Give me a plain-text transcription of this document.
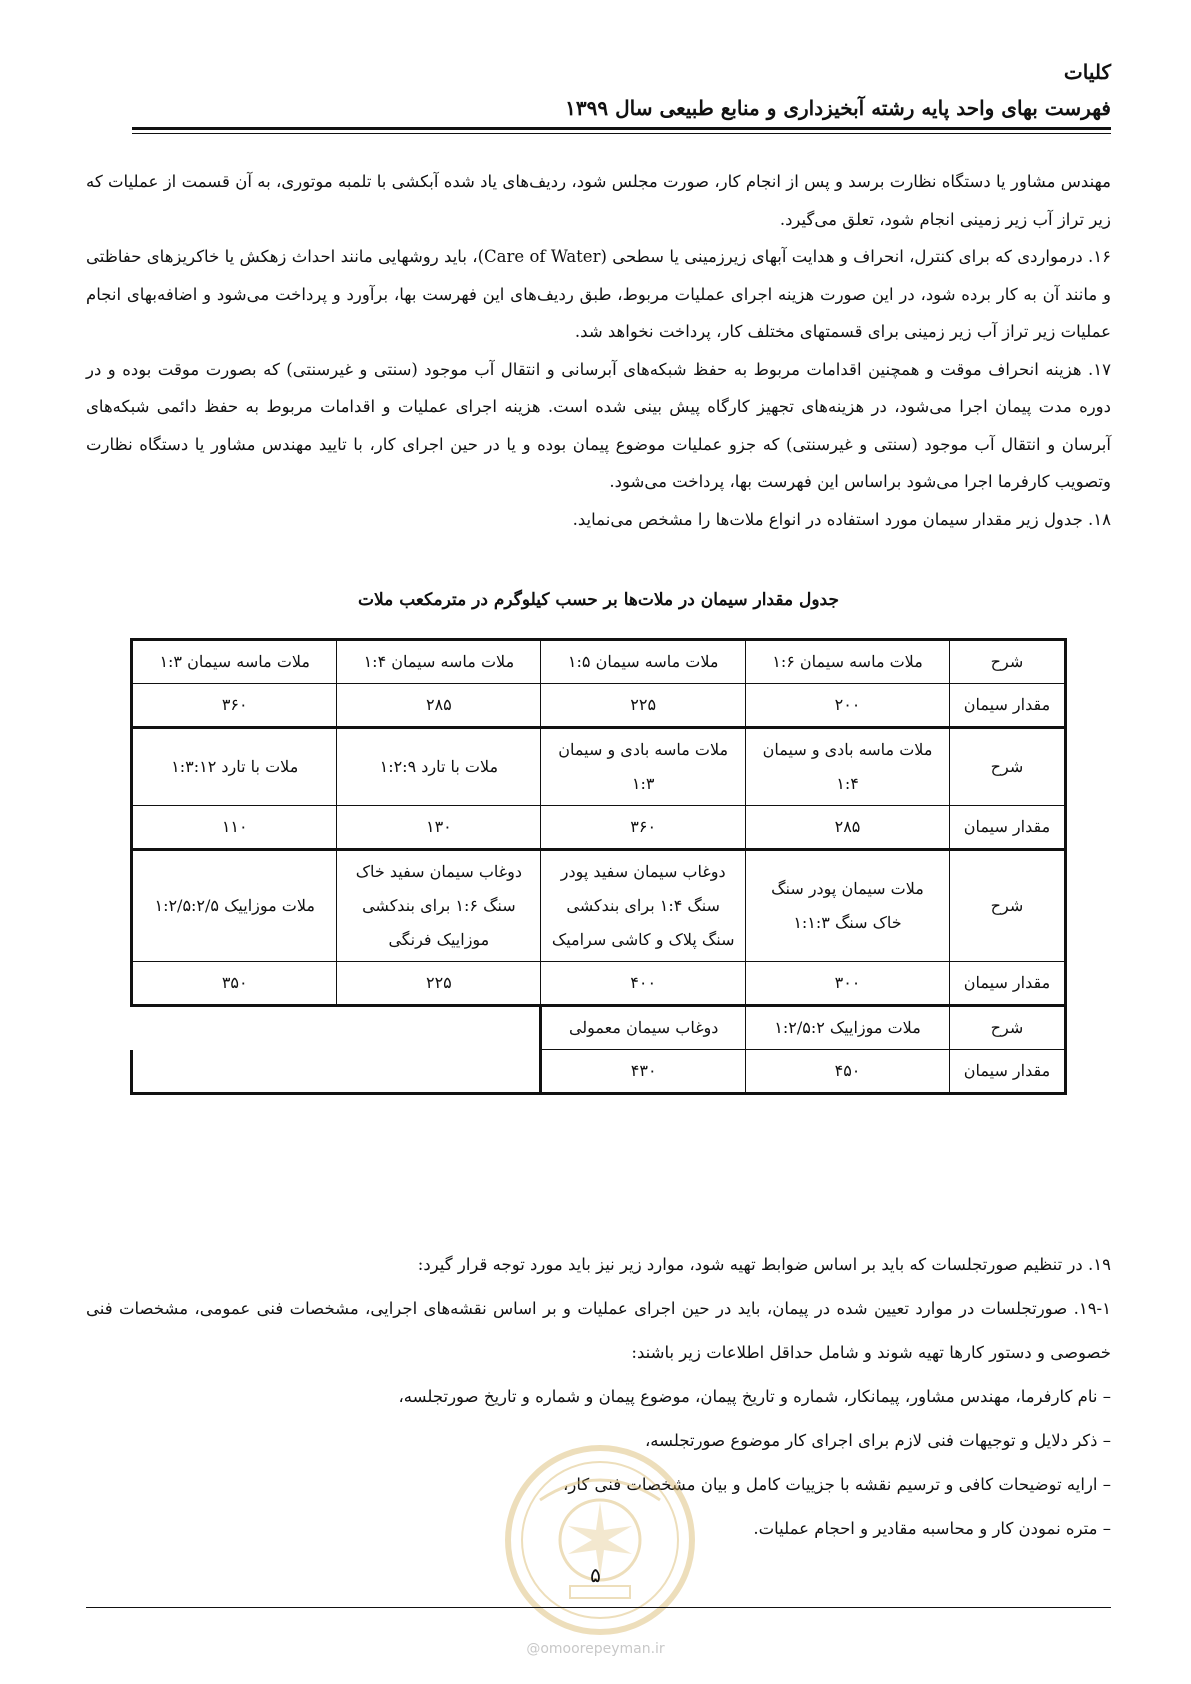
کلیات
فهرست بهای واحد پایه رشته آبخیزداری و منابع طبیعی سال ۱۳۹۹

مهندس مشاور یا دستگاه نظارت برسد و پس از انجام کار، صورت مجلس شود، ردیف‌های یاد شده آبکشی با تلمبه موتوری، به آن قسمت از عملیات که زیر تراز آب زیر زمینی انجام شود، تعلق می‌گیرد.

۱۶. درمواردی که برای کنترل، انحراف و هدایت آبهای زیرزمینی یا سطحی (Care of Water)، باید روشهایی مانند احداث زهکش یا خاکریزهای حفاظتی و مانند آن به کار برده شود، در این صورت هزینه اجرای عملیات مربوط، طبق ردیف‌های این فهرست بها، برآورد و پرداخت می‌شود و اضافه‌بهای انجام عملیات زیر تراز آب زیر زمینی برای قسمتهای مختلف کار، پرداخت نخواهد شد.

۱۷. هزینه انحراف موقت و همچنین اقدامات مربوط به حفظ شبکه‌های آبرسانی و انتقال آب موجود (سنتی و غیرسنتی) که بصورت موقت بوده و در دوره مدت پیمان اجرا می‌شود، در هزینه‌های تجهیز کارگاه پیش بینی شده است. هزینه اجرای عملیات و اقدامات مربوط به حفظ دائمی شبکه‌های آبرسان و انتقال آب موجود (سنتی و غیرسنتی) که جزو عملیات موضوع پیمان بوده و یا در حین اجرای کار، با تایید مهندس مشاور یا دستگاه نظارت وتصویب کارفرما اجرا می‌شود براساس این فهرست بها، پرداخت می‌شود.

۱۸. جدول زیر مقدار سیمان مورد استفاده در انواع ملات‌ها را مشخص می‌نماید.

جدول مقدار سیمان در ملات‌ها بر حسب کیلوگرم در مترمکعب ملات
شرح	ملات ماسه سیمان ۱:۶	ملات ماسه سیمان ۱:۵	ملات ماسه سیمان ۱:۴	ملات ماسه سیمان ۱:۳
مقدار سیمان	۲۰۰	۲۲۵	۲۸۵	۳۶۰
شرح	ملات ماسه بادی و سیمان ۱:۴	ملات ماسه بادی و سیمان ۱:۳	ملات با تارد ۱:۲:۹	ملات با تارد ۱:۳:۱۲
مقدار سیمان	۲۸۵	۳۶۰	۱۳۰	۱۱۰
شرح	ملات سیمان پودر سنگ خاک سنگ ۱:۱:۳	دوغاب سیمان سفید پودر سنگ ۱:۴ برای بندکشی سنگ پلاک و کاشی سرامیک	دوغاب سیمان سفید خاک سنگ ۱:۶ برای بندکشی موزاییک فرنگی	ملات موزاییک ۱:۲/۵:۲/۵
مقدار سیمان	۳۰۰	۴۰۰	۲۲۵	۳۵۰
شرح	ملات موزاییک ۱:۲/۵:۲	دوغاب سیمان معمولی		
مقدار سیمان	۴۵۰	۴۳۰		

۱۹. در تنظیم صورتجلسات که باید بر اساس ضوابط تهیه شود، موارد زیر نیز باید مورد توجه قرار گیرد:

۱۹-۱. صورتجلسات در موارد تعیین شده در پیمان، باید در حین اجرای عملیات و بر اساس نقشه‌های اجرایی، مشخصات فنی عمومی، مشخصات فنی خصوصی و دستور کارها تهیه شوند و شامل حداقل اطلاعات زیر باشند:

– نام کارفرما، مهندس مشاور، پیمانکار، شماره و تاریخ پیمان، موضوع پیمان و شماره و تاریخ صورتجلسه،

– ذکر دلایل و توجیهات فنی لازم برای اجرای کار موضوع صورتجلسه،

– ارایه توضیحات کافی و ترسیم نقشه با جزییات کامل و بیان مشخصات فنی کار،

– متره نمودن کار و محاسبه مقادیر و احجام عملیات.

۵
@omoorepeyman.ir
